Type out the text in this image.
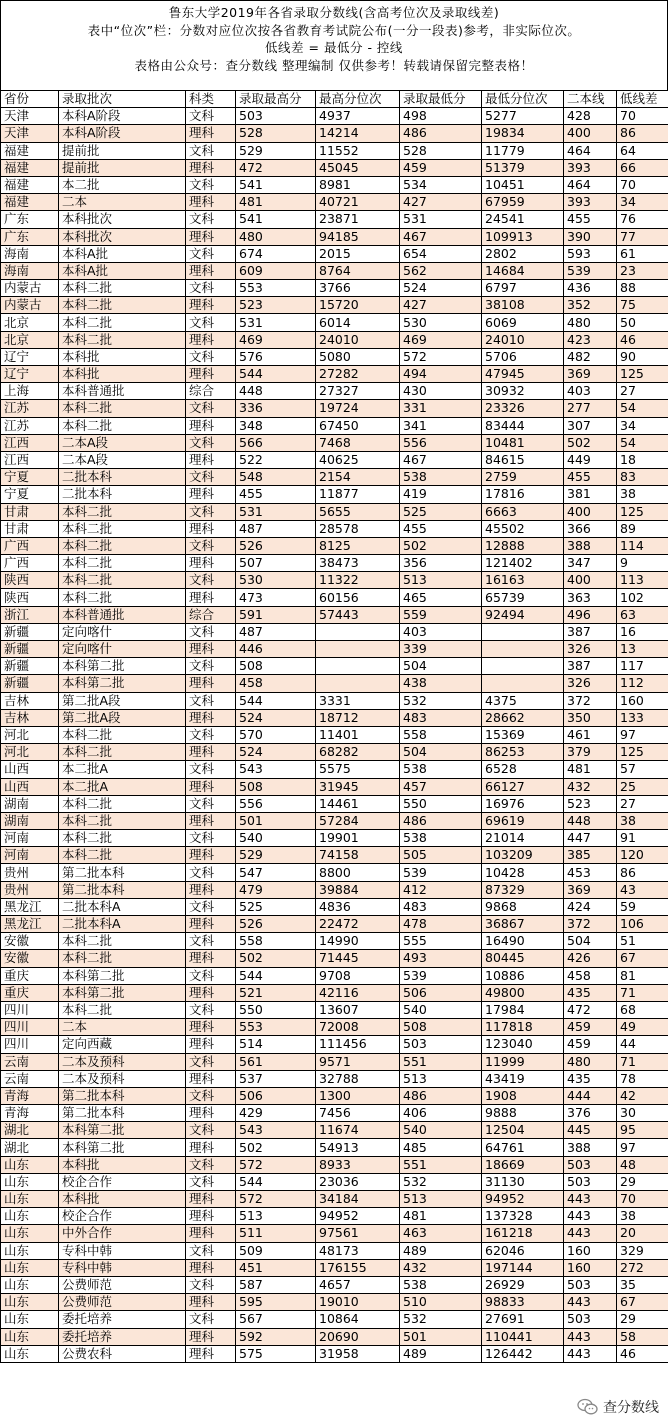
鲁东大学2019年各省录取分数线(含高考位次及录取线差)
表中“位次”栏：分数对应位次按各省教育考试院公布(一分一段表)参考，非实际位次。
低线差 = 最低分 - 控线
表格由公众号：查分数线 整理编制 仅供参考！转载请保留完整表格！
省份	录取批次	科类	录取最高分	最高分位次	录取最低分	最低分位次	二本线	低线差
天津	本科A阶段	文科	503	4937	498	5277	428	70
天津	本科A阶段	理科	528	14214	486	19834	400	86
福建	提前批	文科	529	11552	528	11779	464	64
福建	提前批	理科	472	45045	459	51379	393	66
福建	本二批	文科	541	8981	534	10451	464	70
福建	二本	理科	481	40721	427	67959	393	34
广东	本科批次	文科	541	23871	531	24541	455	76
广东	本科批次	理科	480	94185	467	109913	390	77
海南	本科A批	文科	674	2015	654	2802	593	61
海南	本科A批	理科	609	8764	562	14684	539	23
内蒙古	本科二批	文科	553	3766	524	6797	436	88
内蒙古	本科二批	理科	523	15720	427	38108	352	75
北京	本科二批	文科	531	6014	530	6069	480	50
北京	本科二批	理科	469	24010	469	24010	423	46
辽宁	本科批	文科	576	5080	572	5706	482	90
辽宁	本科批	理科	544	27282	494	47945	369	125
上海	本科普通批	综合	448	27327	430	30932	403	27
江苏	本科二批	文科	336	19724	331	23326	277	54
江苏	本科二批	理科	348	67450	341	83444	307	34
江西	二本A段	文科	566	7468	556	10481	502	54
江西	二本A段	理科	522	40625	467	84615	449	18
宁夏	二批本科	文科	548	2154	538	2759	455	83
宁夏	二批本科	理科	455	11877	419	17816	381	38
甘肃	本科二批	文科	531	5655	525	6663	400	125
甘肃	本科二批	理科	487	28578	455	45502	366	89
广西	本科二批	文科	526	8125	502	12888	388	114
广西	本科二批	理科	507	38473	356	121402	347	9
陕西	本科二批	文科	530	11322	513	16163	400	113
陕西	本科二批	理科	473	60156	465	65739	363	102
浙江	本科普通批	综合	591	57443	559	92494	496	63
新疆	定向喀什	文科	487		403		387	16
新疆	定向喀什	理科	446		339		326	13
新疆	本科第二批	文科	508		504		387	117
新疆	本科第二批	理科	458		438		326	112
吉林	第二批A段	文科	544	3331	532	4375	372	160
吉林	第二批A段	理科	524	18712	483	28662	350	133
河北	本科二批	文科	570	11401	558	15369	461	97
河北	本科二批	理科	524	68282	504	86253	379	125
山西	本二批A	文科	543	5575	538	6528	481	57
山西	本二批A	理科	508	31945	457	66127	432	25
湖南	本科二批	文科	556	14461	550	16976	523	27
湖南	本科二批	理科	501	57284	486	69619	448	38
河南	本科二批	文科	540	19901	538	21014	447	91
河南	本科二批	理科	529	74158	505	103209	385	120
贵州	第二批本科	文科	547	8800	539	10428	453	86
贵州	第二批本科	理科	479	39884	412	87329	369	43
黑龙江	二批本科A	文科	525	4836	483	9868	424	59
黑龙江	二批本科A	理科	526	22472	478	36867	372	106
安徽	本科二批	文科	558	14990	555	16490	504	51
安徽	本科二批	理科	502	71445	493	80445	426	67
重庆	本科第二批	文科	544	9708	539	10886	458	81
重庆	本科第二批	理科	521	42116	506	49800	435	71
四川	本科二批	文科	550	13607	540	17984	472	68
四川	二本	理科	553	72008	508	117818	459	49
四川	定向西藏	理科	514	111456	503	123040	459	44
云南	二本及预科	文科	561	9571	551	11999	480	71
云南	二本及预科	理科	537	32788	513	43419	435	78
青海	第二批本科	文科	506	1300	486	1908	444	42
青海	第二批本科	理科	429	7456	406	9888	376	30
湖北	本科第二批	文科	543	11674	540	12504	445	95
湖北	本科第二批	理科	502	54913	485	64761	388	97
山东	本科批	文科	572	8933	551	18669	503	48
山东	校企合作	文科	544	23036	532	31130	503	29
山东	本科批	理科	572	34184	513	94952	443	70
山东	校企合作	理科	513	94952	481	137328	443	38
山东	中外合作	理科	511	97561	463	161218	443	20
山东	专科中韩	文科	509	48173	489	62046	160	329
山东	专科中韩	理科	451	176155	432	197144	160	272
山东	公费师范	文科	587	4657	538	26929	503	35
山东	公费师范	理科	595	19010	510	98833	443	67
山东	委托培养	文科	567	10864	532	27691	503	29
山东	委托培养	理科	592	20690	501	110441	443	58
山东	公费农科	理科	575	31958	489	126442	443	46
查分数线
